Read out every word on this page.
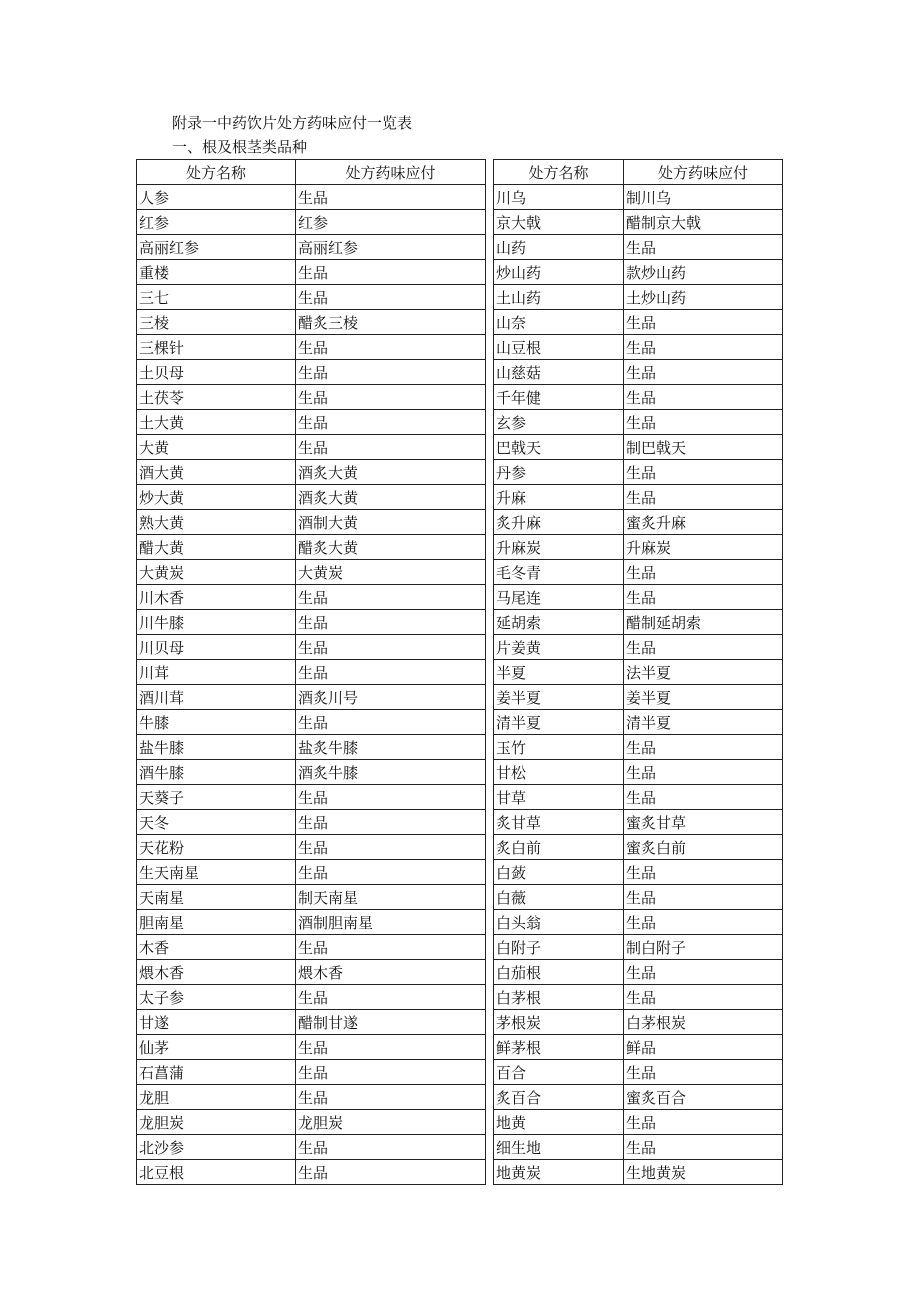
附录一中药饮片处方药味应付一览表
一、根及根茎类品种
处方名称	处方药味应付
人参	生品
红参	红参
高丽红参	高丽红参
重楼	生品
三七	生品
三棱	醋炙三棱
三棵针	生品
土贝母	生品
土茯苓	生品
土大黄	生品
大黄	生品
酒大黄	酒炙大黄
炒大黄	酒炙大黄
熟大黄	酒制大黄
醋大黄	醋炙大黄
大黄炭	大黄炭
川木香	生品
川牛膝	生品
川贝母	生品
川茸	生品
酒川茸	酒炙川号
牛膝	生品
盐牛膝	盐炙牛膝
酒牛膝	酒炙牛膝
天葵子	生品
天冬	生品
天花粉	生品
生天南星	生品
天南星	制天南星
胆南星	酒制胆南星
木香	生品
煨木香	煨木香
太子参	生品
甘遂	醋制甘遂
仙茅	生品
石菖蒲	生品
龙胆	生品
龙胆炭	龙胆炭
北沙参	生品
北豆根	生品
处方名称	处方药味应付
川乌	制川乌
京大戟	醋制京大戟
山药	生品
炒山药	款炒山药
土山药	土炒山药
山奈	生品
山豆根	生品
山慈菇	生品
千年健	生品
玄参	生品
巴戟天	制巴戟天
丹参	生品
升麻	生品
炙升麻	蜜炙升麻
升麻炭	升麻炭
毛冬青	生品
马尾连	生品
延胡索	醋制延胡索
片姜黄	生品
半夏	法半夏
姜半夏	姜半夏
清半夏	清半夏
玉竹	生品
甘松	生品
甘草	生品
炙甘草	蜜炙甘草
炙白前	蜜炙白前
白蔹	生品
白薇	生品
白头翁	生品
白附子	制白附子
白茄根	生品
白茅根	生品
茅根炭	白茅根炭
鲜茅根	鲜品
百合	生品
炙百合	蜜炙百合
地黄	生品
细生地	生品
地黄炭	生地黄炭
